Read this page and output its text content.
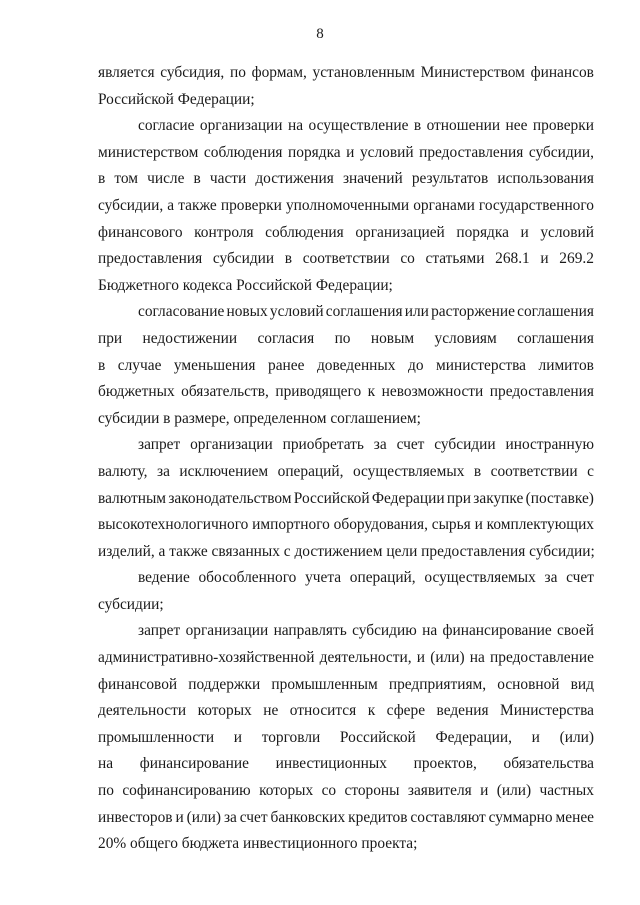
8
является субсидия, по формам, установленным Министерством финансов
Российской Федерации;
согласие организации на осуществление в отношении нее проверки
министерством соблюдения порядка и условий предоставления субсидии,
в том числе в части достижения значений результатов использования
субсидии, а также проверки уполномоченными органами государственного
финансового контроля соблюдения организацией порядка и условий
предоставления субсидии в соответствии со статьями 268.1 и 269.2
Бюджетного кодекса Российской Федерации;
согласование новых условий соглашения или расторжение соглашения
при недостижении согласия по новым условиям соглашения
в случае уменьшения ранее доведенных до министерства лимитов
бюджетных обязательств, приводящего к невозможности предоставления
субсидии в размере, определенном соглашением;
запрет организации приобретать за счет субсидии иностранную
валюту, за исключением операций, осуществляемых в соответствии с
валютным законодательством Российской Федерации при закупке (поставке)
высокотехнологичного импортного оборудования, сырья и комплектующих
изделий, а также связанных с достижением цели предоставления субсидии;
ведение обособленного учета операций, осуществляемых за счет
субсидии;
запрет организации направлять субсидию на финансирование своей
административно-хозяйственной деятельности, и (или) на предоставление
финансовой поддержки промышленным предприятиям, основной вид
деятельности которых не относится к сфере ведения Министерства
промышленности и торговли Российской Федерации, и (или)
на финансирование инвестиционных проектов, обязательства
по софинансированию которых со стороны заявителя и (или) частных
инвесторов и (или) за счет банковских кредитов составляют суммарно менее
20% общего бюджета инвестиционного проекта;
